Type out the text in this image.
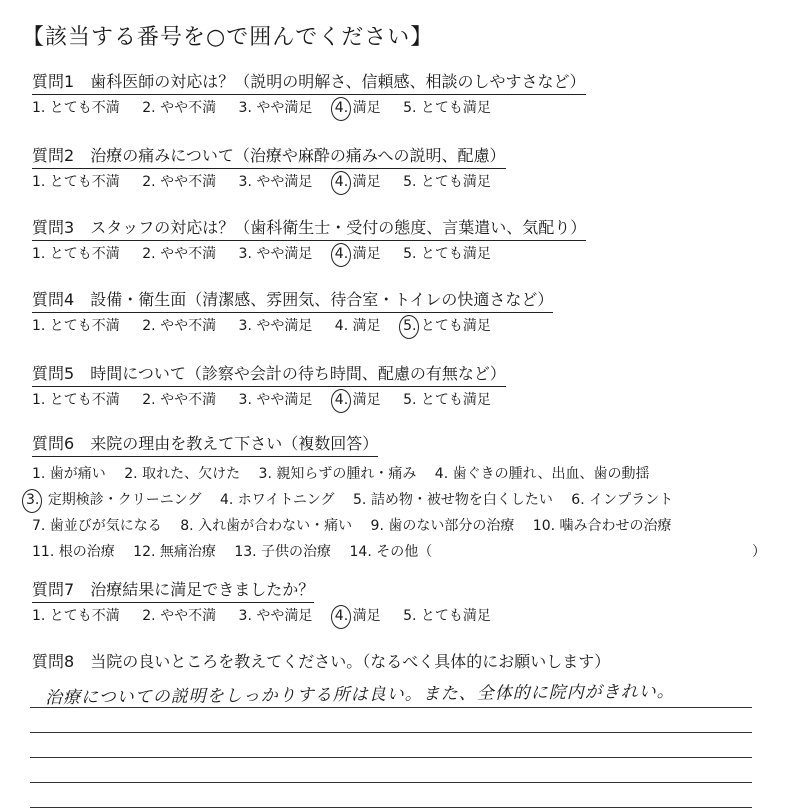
【該当する番号を○で囲んでください】
質問1 歯科医師の対応は？（説明の明解さ、信頼感、相談のしやすさなど）
1. とても不満 2. やや不満 3. やや満足 4. 満足 5. とても満足
質問2 治療の痛みについて（治療や麻酔の痛みへの説明、配慮）
1. とても不満 2. やや不満 3. やや満足 4. 満足 5. とても満足
質問3 スタッフの対応は？（歯科衛生士・受付の態度、言葉遣い、気配り）
1. とても不満 2. やや不満 3. やや満足 4. 満足 5. とても満足
質問4 設備・衛生面（清潔感、雰囲気、待合室・トイレの快適さなど）
1. とても不満 2. やや不満 3. やや満足 4. 満足 5. とても満足
質問5 時間について（診察や会計の待ち時間、配慮の有無など）
1. とても不満 2. やや不満 3. やや満足 4. 満足 5. とても満足
質問6 来院の理由を教えて下さい（複数回答）
1. 歯が痛い 2. 取れた、欠けた 3. 親知らずの腫れ・痛み 4. 歯ぐきの腫れ、出血、歯の動揺
3. 定期検診・クリーニング 4. ホワイトニング 5. 詰め物・被せ物を白くしたい 6. インプラント
7. 歯並びが気になる 8. 入れ歯が合わない・痛い 9. 歯のない部分の治療 10. 噛み合わせの治療
11. 根の治療 12. 無痛治療 13. 子供の治療 14. その他（	）
質問7 治療結果に満足できましたか？
1. とても不満 2. やや不満 3. やや満足 4. 満足 5. とても満足
質問8 当院の良いところを教えてください。（なるべく具体的にお願いします）
治療についての説明をしっかりする所は良い。また、全体的に院内がきれい。
